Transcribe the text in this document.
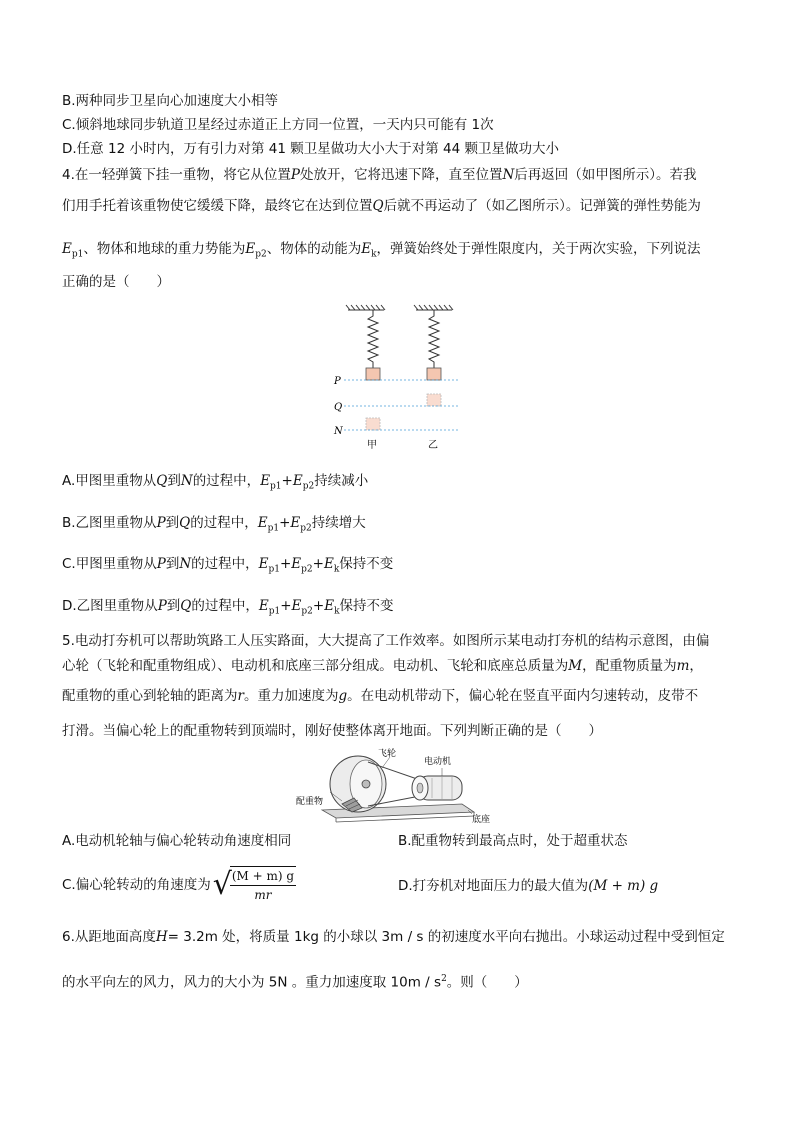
B.两种同步卫星向心加速度大小相等
C.倾斜地球同步轨道卫星经过赤道正上方同一位置，一天内只可能有 1次
D.任意 12 小时内，万有引力对第 41 颗卫星做功大小大于对第 44 颗卫星做功大小
4.在一轻弹簧下挂一重物，将它从位置P处放开，它将迅速下降，直至位置N后再返回（如甲图所示）。若我
们用手托着该重物使它缓缓下降，最终它在达到位置Q后就不再运动了（如乙图所示）。记弹簧的弹性势能为
$E_{p1}$、物体和地球的重力势能为$E_{p2}$、物体的动能为$E_k$，弹簧始终处于弹性限度内，关于两次实验，下列说法
正确的是（　　）
P
Q
N
甲	乙
A.甲图里重物从Q到N的过程中，$E_{p1}+E_{p2}$持续减小
B.乙图里重物从P到Q的过程中，$E_{p1}+E_{p2}$持续增大
C.甲图里重物从P到N的过程中，$E_{p1}+E_{p2}+E_k$保持不变
D.乙图里重物从P到Q的过程中，$E_{p1}+E_{p2}+E_k$保持不变
5.电动打夯机可以帮助筑路工人压实路面，大大提高了工作效率。如图所示某电动打夯机的结构示意图，由偏
心轮（飞轮和配重物组成）、电动机和底座三部分组成。电动机、飞轮和底座总质量为M，配重物质量为m，
配重物的重心到轮轴的距离为r。重力加速度为g。在电动机带动下，偏心轮在竖直平面内匀速转动，皮带不
打滑。当偏心轮上的配重物转到顶端时，刚好使整体离开地面。下列判断正确的是（　　）
飞轮
电动机
配重物
底座
A.电动机轮轴与偏心轮转动角速度相同	B.配重物转到最高点时，处于超重状态
C.偏心轮转动的角速度为√
$\frac{(M + m) g}{mr}$	D.打夯机对地面压力的最大值为(M + m) g
6.从距地面高度H= 3.2m 处，将质量 1kg 的小球以 3m / s 的初速度水平向右抛出。小球运动过程中受到恒定
的水平向左的风力，风力的大小为 5N 。重力加速度取 $10m / s^2$。则（　　）
